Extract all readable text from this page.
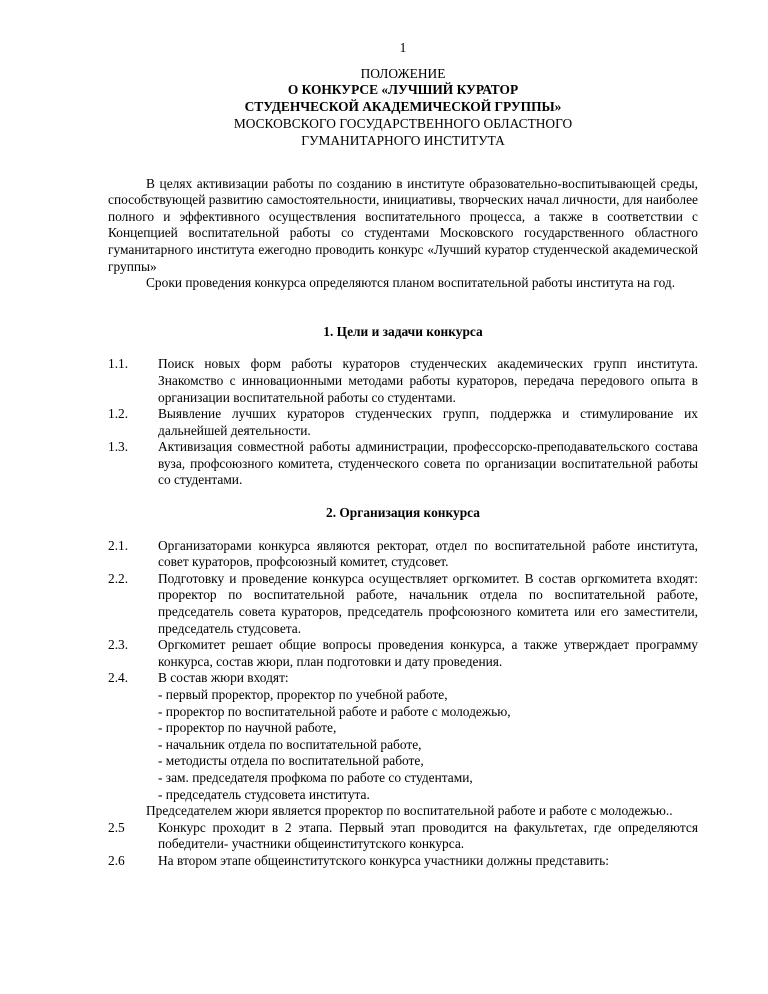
1
ПОЛОЖЕНИЕ
О КОНКУРСЕ «ЛУЧШИЙ КУРАТОР
СТУДЕНЧЕСКОЙ АКАДЕМИЧЕСКОЙ ГРУППЫ»
МОСКОВСКОГО ГОСУДАРСТВЕННОГО ОБЛАСТНОГО
ГУМАНИТАРНОГО ИНСТИТУТА
В целях активизации работы по созданию в институте образовательно-воспитывающей среды, способствующей развитию самостоятельности, инициативы, творческих начал личности, для наиболее полного и эффективного осуществления воспитательного процесса, а также в соответствии с Концепцией воспитательной работы со студентами Московского государственного областного гуманитарного института ежегодно проводить конкурс «Лучший куратор студенческой академической группы»
Сроки проведения конкурса определяются планом воспитательной работы института на год.
1. Цели и задачи конкурса
1.1.	Поиск новых форм работы кураторов студенческих академических групп института. Знакомство с инновационными методами работы кураторов, передача передового опыта в организации воспитательной работы со студентами.
1.2.	Выявление лучших кураторов студенческих групп, поддержка и стимулирование их дальнейшей деятельности.
1.3.	Активизация совместной работы администрации, профессорско-преподавательского состава вуза, профсоюзного комитета, студенческого совета по организации воспитательной работы со студентами.
2. Организация конкурса
2.1.	Организаторами конкурса являются ректорат, отдел по воспитательной работе института, совет кураторов, профсоюзный комитет, студсовет.
2.2.	Подготовку и проведение конкурса осуществляет оргкомитет. В состав оргкомитета входят: проректор по воспитательной работе, начальник отдела по воспитательной работе, председатель совета кураторов, председатель профсоюзного комитета или его заместители, председатель студсовета.
2.3.	Оргкомитет решает общие вопросы проведения конкурса, а также утверждает программу конкурса, состав жюри, план подготовки и дату проведения.
2.4.	В состав жюри входят:
- первый проректор, проректор по учебной работе,
- проректор по воспитательной работе и работе с молодежью,
- проректор по научной работе,
- начальник отдела по воспитательной работе,
- методисты отдела по воспитательной работе,
- зам. председателя профкома по работе со студентами,
- председатель студсовета института.
Председателем жюри является проректор по воспитательной работе и работе с молодежью..
2.5	Конкурс проходит в 2 этапа. Первый этап проводится на факультетах, где определяются победители- участники общеинститутского конкурса.
2.6	На втором этапе общеинститутского конкурса участники должны представить:
